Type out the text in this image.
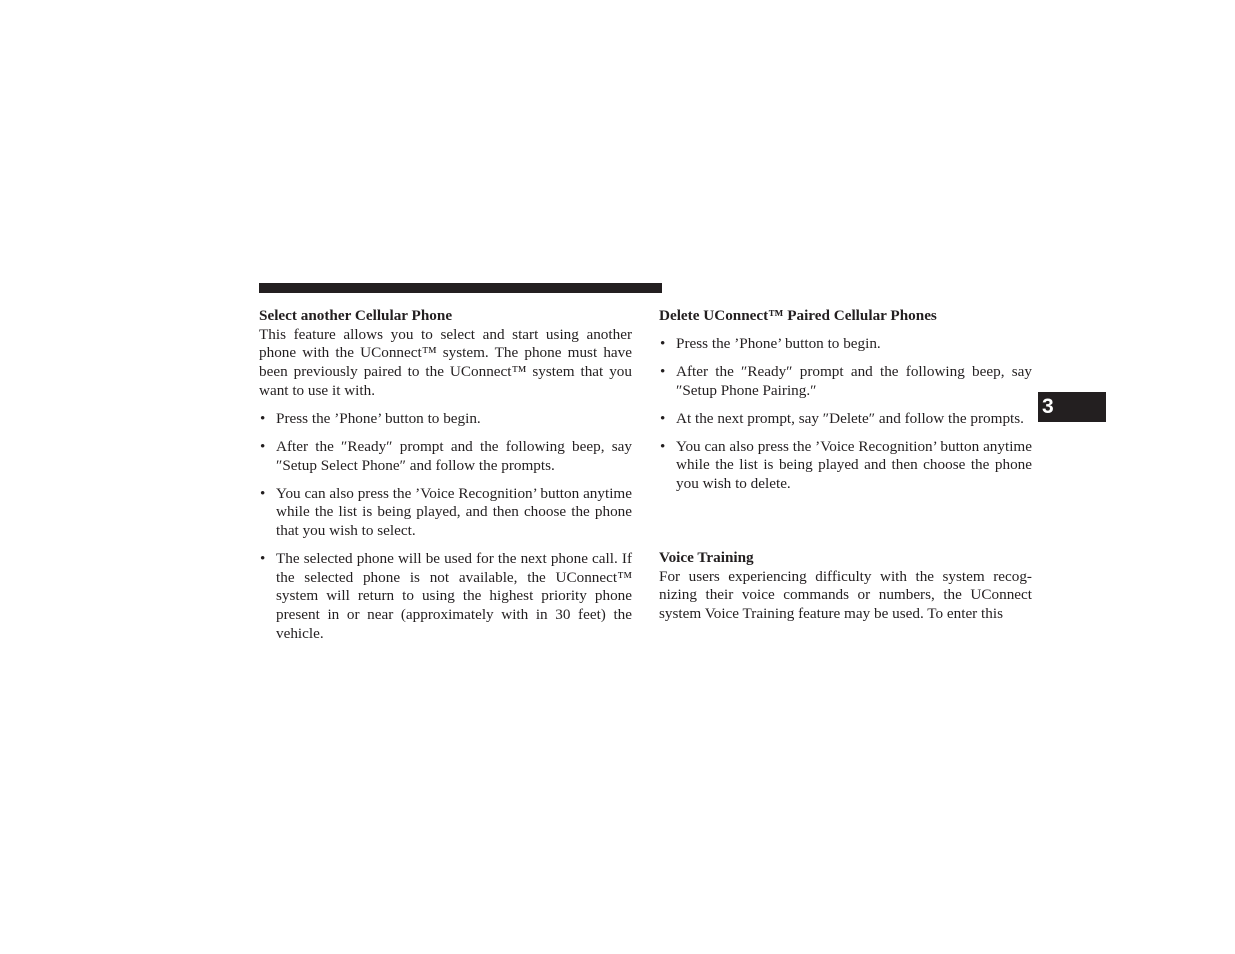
3

Select another Cellular Phone

This feature allows you to select and start using another phone with the UConnect™ system. The phone must have been previously paired to the UConnect™ system that you want to use it with.

• Press the ’Phone’ button to begin.
• After the ″Ready″ prompt and the following beep, say ″Setup Select Phone″ and follow the prompts.
• You can also press the ’Voice Recognition’ button anytime while the list is being played, and then choose the phone that you wish to select.
• The selected phone will be used for the next phone call. If the selected phone is not available, the UConnect™ system will return to using the highest priority phone present in or near (approximately with in 30 feet) the vehicle.

Delete UConnect™ Paired Cellular Phones

• Press the ’Phone’ button to begin.
• After the ″Ready″ prompt and the following beep, say ″Setup Phone Pairing.″
• At the next prompt, say ″Delete″ and follow the prompts.
• You can also press the ’Voice Recognition’ button anytime while the list is being played and then choose the phone you wish to delete.

Voice Training

For users experiencing difficulty with the system recog- nizing their voice commands or numbers, the UConnect system Voice Training feature may be used. To enter this
